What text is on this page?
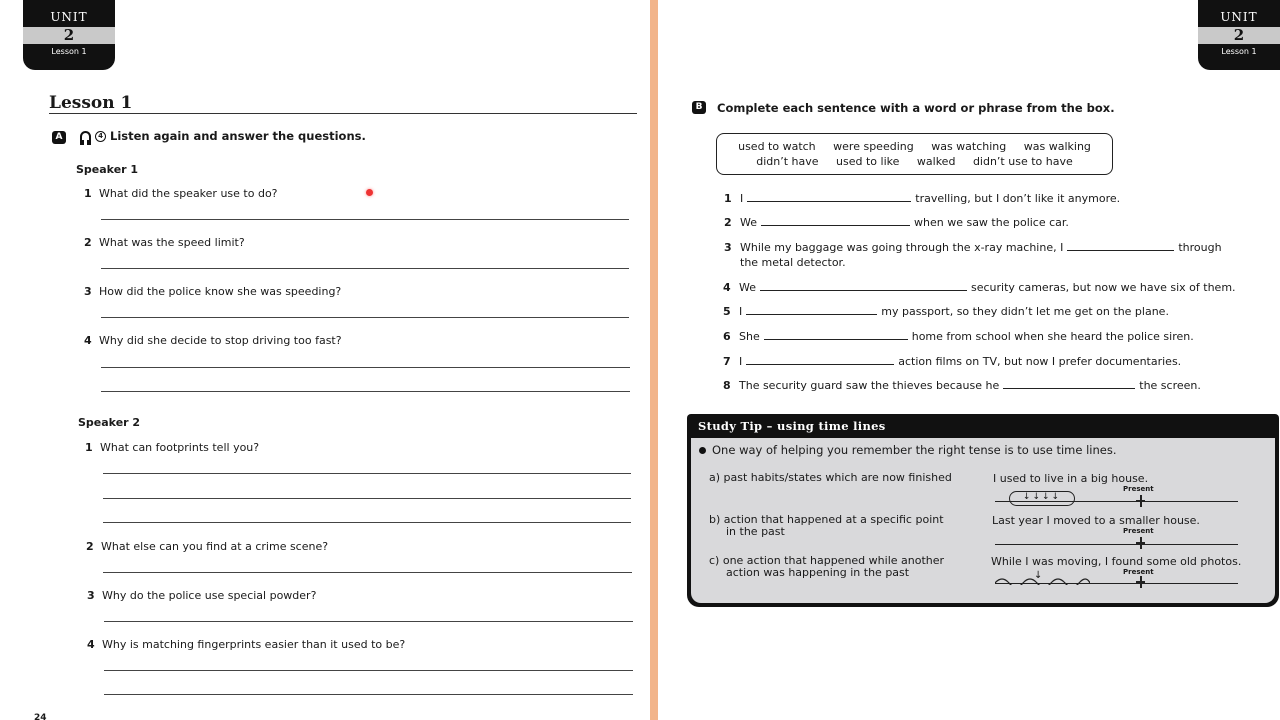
UNIT
2
Lesson 1
Lesson 1
A	4 Listen again and answer the questions.
Speaker 1
1 What did the speaker use to do?
2 What was the speed limit?
3 How did the police know she was speeding?
4 Why did she decide to stop driving too fast?
Speaker 2
1 What can footprints tell you?
2 What else can you find at a crime scene?
3 Why do the police use special powder?
4 Why is matching fingerprints easier than it used to be?
24
UNIT
2
Lesson 1
B	Complete each sentence with a word or phrase from the box.
used to watch were speeding was watching was walking
didn’t have used to like walked didn’t use to have
1 I	travelling, but I don’t like it anymore.
2 We	when we saw the police car.
3 While my baggage was going through the x-ray machine, I	through
the metal detector.
4 We	security cameras, but now we have six of them.
5 I	my passport, so they didn’t let me get on the plane.
6 She	home from school when she heard the police siren.
7 I	action films on TV, but now I prefer documentaries.
8 The security guard saw the thieves because he	the screen.
Study Tip – using time lines
One way of helping you remember the right tense is to use time lines.
a) past habits/states which are now finished	I used to live in a big house.
Present
↓↓↓↓
b) action that happened at a specific point
in the past
Last year I moved to a smaller house.
Present
c) one action that happened while another
action was happening in the past
While I was moving, I found some old photos.
Present
↓
